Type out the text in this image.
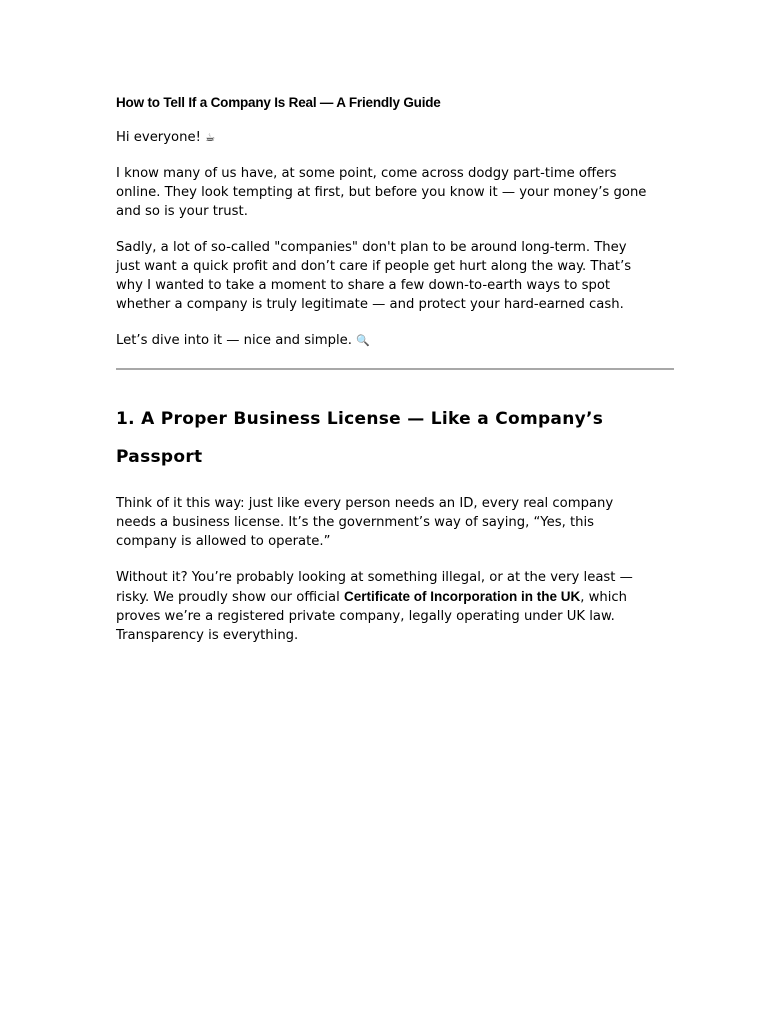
How to Tell If a Company Is Real — A Friendly Guide

Hi everyone! ☕

I know many of us have, at some point, come across dodgy part-time offers online. They look tempting at first, but before you know it — your money’s gone and so is your trust.

Sadly, a lot of so-called "companies" don't plan to be around long-term. They just want a quick profit and don’t care if people get hurt along the way. That’s why I wanted to take a moment to share a few down-to-earth ways to spot whether a company is truly legitimate — and protect your hard-earned cash.

Let’s dive into it — nice and simple. 🔍

1. A Proper Business License — Like a Company’s Passport

Think of it this way: just like every person needs an ID, every real company needs a business license. It’s the government’s way of saying, “Yes, this company is allowed to operate.”

Without it? You’re probably looking at something illegal, or at the very least — risky. We proudly show our official Certificate of Incorporation in the UK, which proves we’re a registered private company, legally operating under UK law. Transparency is everything.
